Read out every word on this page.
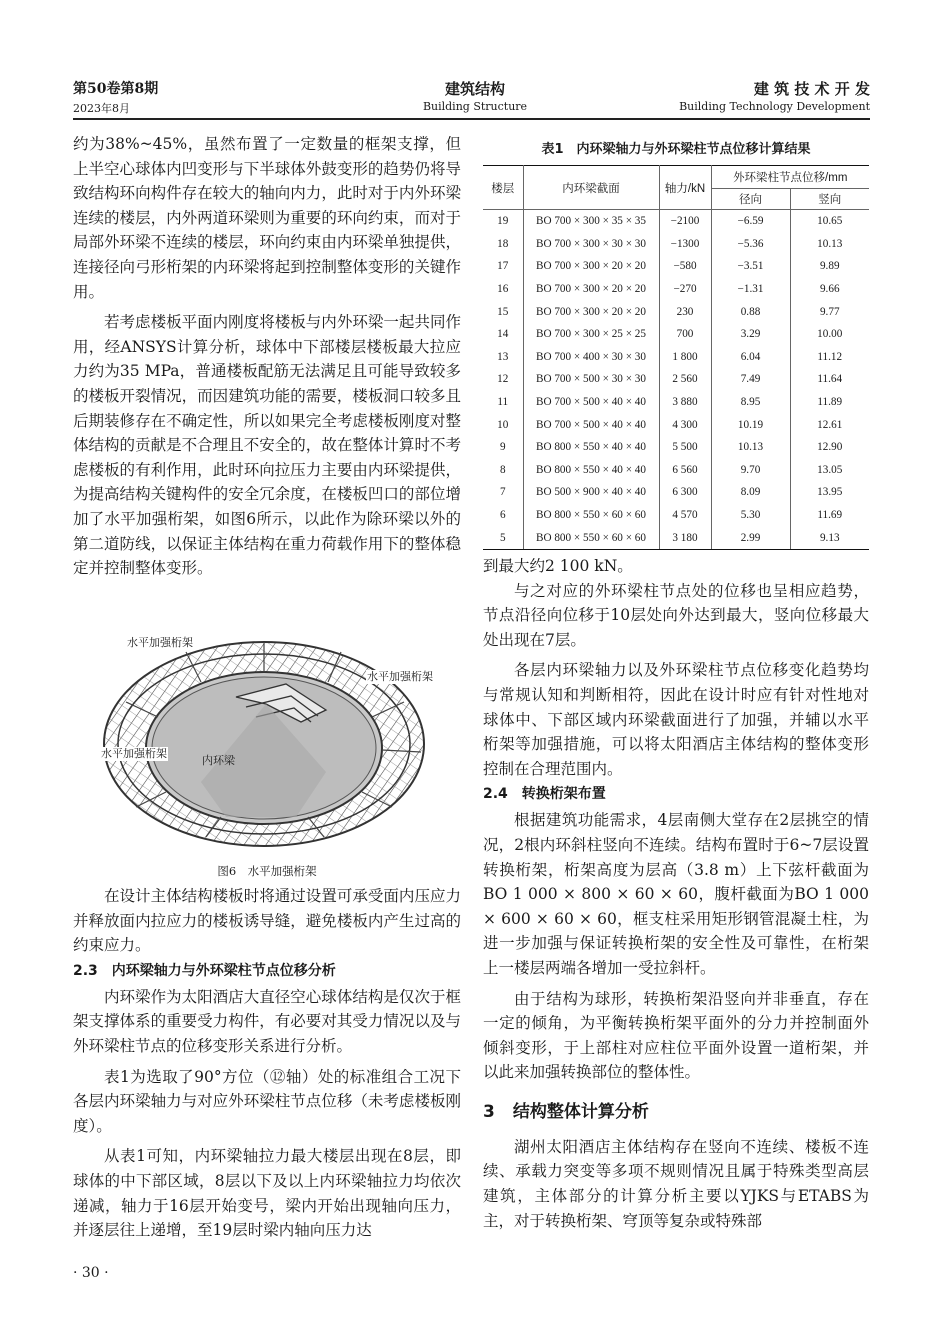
第50卷第8期
2023年8月
建筑结构
Building Structure
建 筑 技 术 开 发
Building Technology Development

约为38%~45%，虽然布置了一定数量的框架支撑，但上半空心球体内凹变形与下半球体外鼓变形的趋势仍将导致结构环向构件存在较大的轴向内力，此时对于内外环梁连续的楼层，内外两道环梁则为重要的环向约束，而对于局部外环梁不连续的楼层，环向约束由内环梁单独提供，连接径向弓形桁架的内环梁将起到控制整体变形的关键作用。

若考虑楼板平面内刚度将楼板与内外环梁一起共同作用，经ANSYS计算分析，球体中下部楼层楼板最大拉应力约为35 MPa，普通楼板配筋无法满足且可能导致较多的楼板开裂情况，而因建筑功能的需要，楼板洞口较多且后期装修存在不确定性，所以如果完全考虑楼板刚度对整体结构的贡献是不合理且不安全的，故在整体计算时不考虑楼板的有利作用，此时环向拉压力主要由内环梁提供，为提高结构关键构件的安全冗余度，在楼板凹口的部位增加了水平加强桁架，如图6所示，以此作为除环梁以外的第二道防线，以保证主体结构在重力荷载作用下的整体稳定并控制整体变形。

水平加强桁架
水平加强桁架
水平加强桁架
内环梁
图6　水平加强桁架

在设计主体结构楼板时将通过设置可承受面内压应力并释放面内拉应力的楼板诱导缝，避免楼板内产生过高的约束应力。

2.3　内环梁轴力与外环梁柱节点位移分析

内环梁作为太阳酒店大直径空心球体结构是仅次于框架支撑体系的重要受力构件，有必要对其受力情况以及与外环梁柱节点的位移变形关系进行分析。

表1为选取了90°方位（⑫轴）处的标准组合工况下各层内环梁轴力与对应外环梁柱节点位移（未考虑楼板刚度）。

从表1可知，内环梁轴拉力最大楼层出现在8层，即球体的中下部区域，8层以下及以上内环梁轴拉力均依次递减，轴力于16层开始变号，梁内开始出现轴向压力，并逐层往上递增，至19层时梁内轴向压力达

表1　内环梁轴力与外环梁柱节点位移计算结果
楼层	内环梁截面	轴力/kN	外环梁柱节点位移/mm	
			径向	竖向
19	BO 700 × 300 × 35 × 35	−2100	−6.59	10.65
18	BO 700 × 300 × 30 × 30	−1300	−5.36	10.13
17	BO 700 × 300 × 20 × 20	−580	−3.51	9.89
16	BO 700 × 300 × 20 × 20	−270	−1.31	9.66
15	BO 700 × 300 × 20 × 20	230	0.88	9.77
14	BO 700 × 300 × 25 × 25	700	3.29	10.00
13	BO 700 × 400 × 30 × 30	1 800	6.04	11.12
12	BO 700 × 500 × 30 × 30	2 560	7.49	11.64
11	BO 700 × 500 × 40 × 40	3 880	8.95	11.89
10	BO 700 × 500 × 40 × 40	4 300	10.19	12.61
9	BO 800 × 550 × 40 × 40	5 500	10.13	12.90
8	BO 800 × 550 × 40 × 40	6 560	9.70	13.05
7	BO 500 × 900 × 40 × 40	6 300	8.09	13.95
6	BO 800 × 550 × 60 × 60	4 570	5.30	11.69
5	BO 800 × 550 × 60 × 60	3 180	2.99	9.13

到最大约2 100 kN。

与之对应的外环梁柱节点处的位移也呈相应趋势，节点沿径向位移于10层处向外达到最大，竖向位移最大处出现在7层。

各层内环梁轴力以及外环梁柱节点位移变化趋势均与常规认知和判断相符，因此在设计时应有针对性地对球体中、下部区域内环梁截面进行了加强，并辅以水平桁架等加强措施，可以将太阳酒店主体结构的整体变形控制在合理范围内。

2.4　转换桁架布置

根据建筑功能需求，4层南侧大堂存在2层挑空的情况，2根内环斜柱竖向不连续。结构布置时于6~7层设置转换桁架，桁架高度为层高（3.8 m）上下弦杆截面为BO 1 000 × 800 × 60 × 60，腹杆截面为BO 1 000 × 600 × 60 × 60，框支柱采用矩形钢管混凝土柱，为进一步加强与保证转换桁架的安全性及可靠性，在桁架上一楼层两端各增加一受拉斜杆。

由于结构为球形，转换桁架沿竖向并非垂直，存在一定的倾角，为平衡转换桁架平面外的分力并控制面外倾斜变形，于上部柱对应柱位平面外设置一道桁架，并以此来加强转换部位的整体性。

3 结构整体计算分析

湖州太阳酒店主体结构存在竖向不连续、楼板不连续、承载力突变等多项不规则情况且属于特殊类型高层建筑，主体部分的计算分析主要以YJKS与ETABS为主，对于转换桁架、穹顶等复杂或特殊部

· 30 ·
